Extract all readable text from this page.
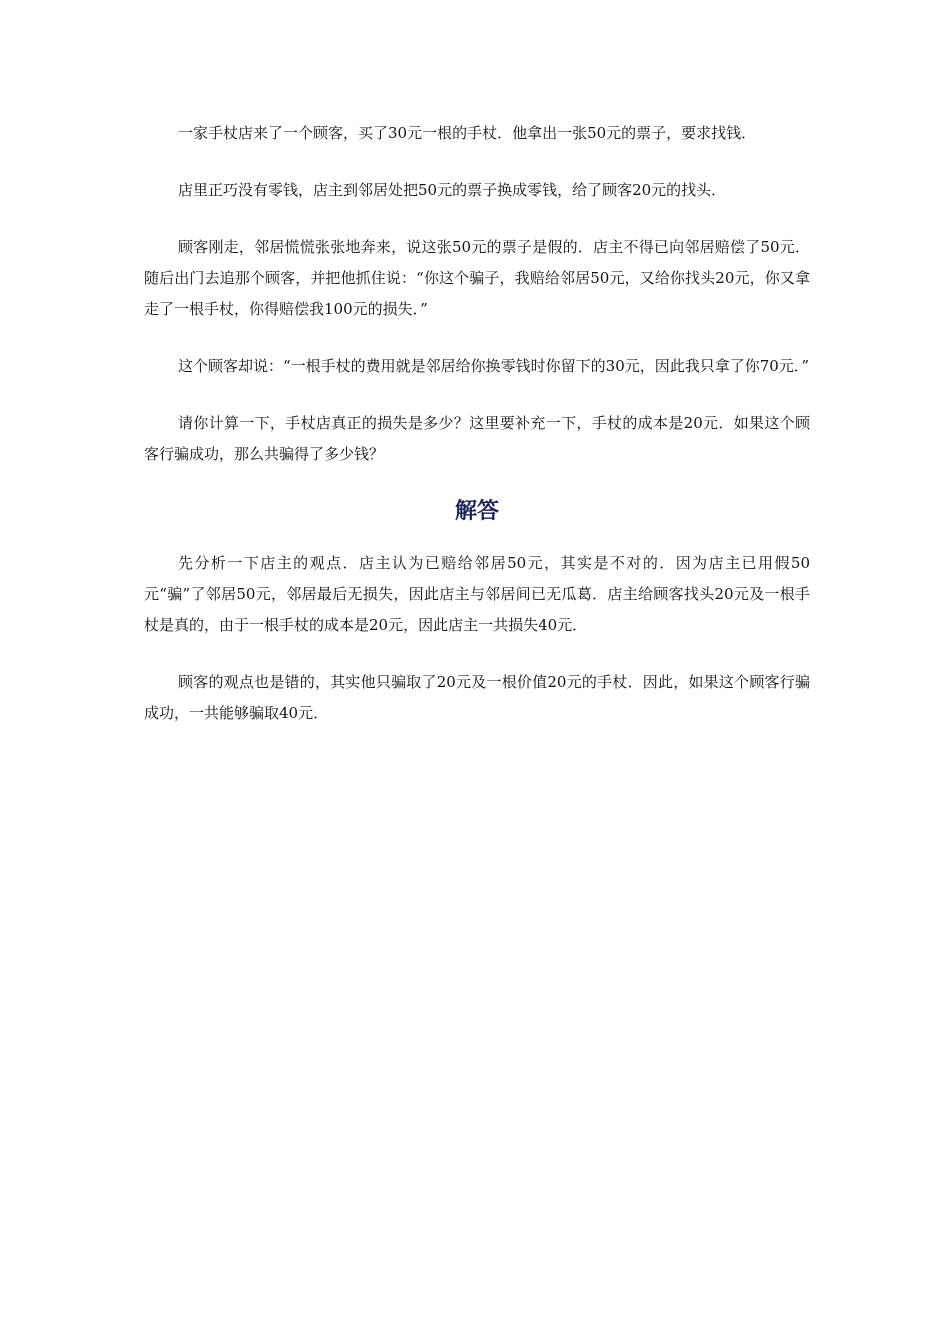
一家手杖店来了一个顾客，买了30元一根的手杖．他拿出一张50元的票子，要求找钱．

店里正巧没有零钱，店主到邻居处把50元的票子换成零钱，给了顾客20元的找头．

顾客刚走，邻居慌慌张张地奔来，说这张50元的票子是假的．店主不得已向邻居赔偿了50元．随后出门去追那个顾客，并把他抓住说：“你这个骗子，我赔给邻居50元，又给你找头20元，你又拿走了一根手杖，你得赔偿我100元的损失．”

这个顾客却说：“一根手杖的费用就是邻居给你换零钱时你留下的30元，因此我只拿了你70元．”

请你计算一下，手杖店真正的损失是多少？这里要补充一下，手杖的成本是20元．如果这个顾客行骗成功，那么共骗得了多少钱？

解答

先分析一下店主的观点．店主认为已赔给邻居50元，其实是不对的．因为店主已用假50元“骗”了邻居50元，邻居最后无损失，因此店主与邻居间已无瓜葛．店主给顾客找头20元及一根手杖是真的，由于一根手杖的成本是20元，因此店主一共损失40元．

顾客的观点也是错的，其实他只骗取了20元及一根价值20元的手杖．因此，如果这个顾客行骗成功，一共能够骗取40元．
